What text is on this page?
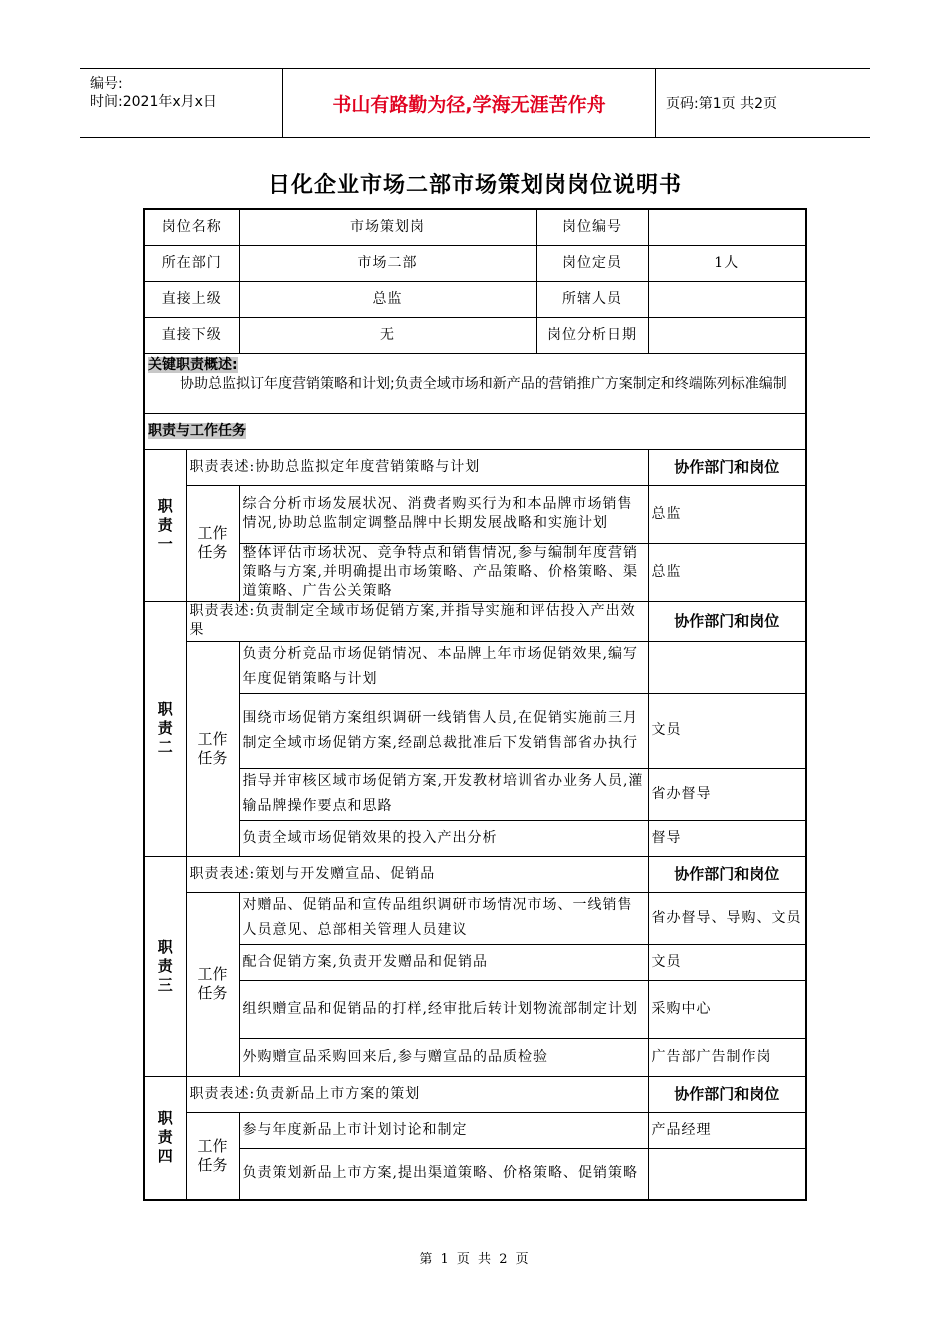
编号:
时间:2021年x月x日	书山有路勤为径,学海无涯苦作舟	页码:第1页 共2页
日化企业市场二部市场策划岗岗位说明书
岗位名称		市场策划岗	岗位编号	
所在部门		市场二部	岗位定员	1人
直接上级		总监	所辖人员	
直接下级		无	岗位分析日期	

关键职责概述:
协助总监拟订年度营销策略和计划;负责全域市场和新产品的营销推广方案制定和终端陈列标准编制				

职责与工作任务				

职责一	职责表述:协助总监拟定年度营销策略与计划			协作部门和岗位

	工作任务	综合分析市场发展状况、消费者购买行为和本品牌市场销售情况,协助总监制定调整品牌中长期发展战略和实施计划		总监
		整体评估市场状况、竞争特点和销售情况,参与编制年度营销策略与方案,并明确提出市场策略、产品策略、价格策略、渠道策略、广告公关策略		总监

职责二	职责表述:负责制定全域市场促销方案,并指导实施和评估投入产出效果			协作部门和岗位

	工作任务	负责分析竞品市场促销情况、本品牌上年市场促销效果,编写年度促销策略与计划		
		围绕市场促销方案组织调研一线销售人员,在促销实施前三月制定全域市场促销方案,经副总裁批准后下发销售部省办执行		文员
		指导并审核区域市场促销方案,开发教材培训省办业务人员,灌输品牌操作要点和思路		省办督导
		负责全域市场促销效果的投入产出分析		督导

职责三	职责表述:策划与开发赠宣品、促销品			协作部门和岗位

	工作任务	对赠品、促销品和宣传品组织调研市场情况市场、一线销售人员意见、总部相关管理人员建议		省办督导、导购、文员
		配合促销方案,负责开发赠品和促销品		文员
		组织赠宣品和促销品的打样,经审批后转计划物流部制定计划		采购中心
		外购赠宣品采购回来后,参与赠宣品的品质检验		广告部广告制作岗

职责四	职责表述:负责新品上市方案的策划			协作部门和岗位

	工作任务	参与年度新品上市计划讨论和制定		产品经理
		负责策划新品上市方案,提出渠道策略、价格策略、促销策略		
第 1 页 共 2 页
